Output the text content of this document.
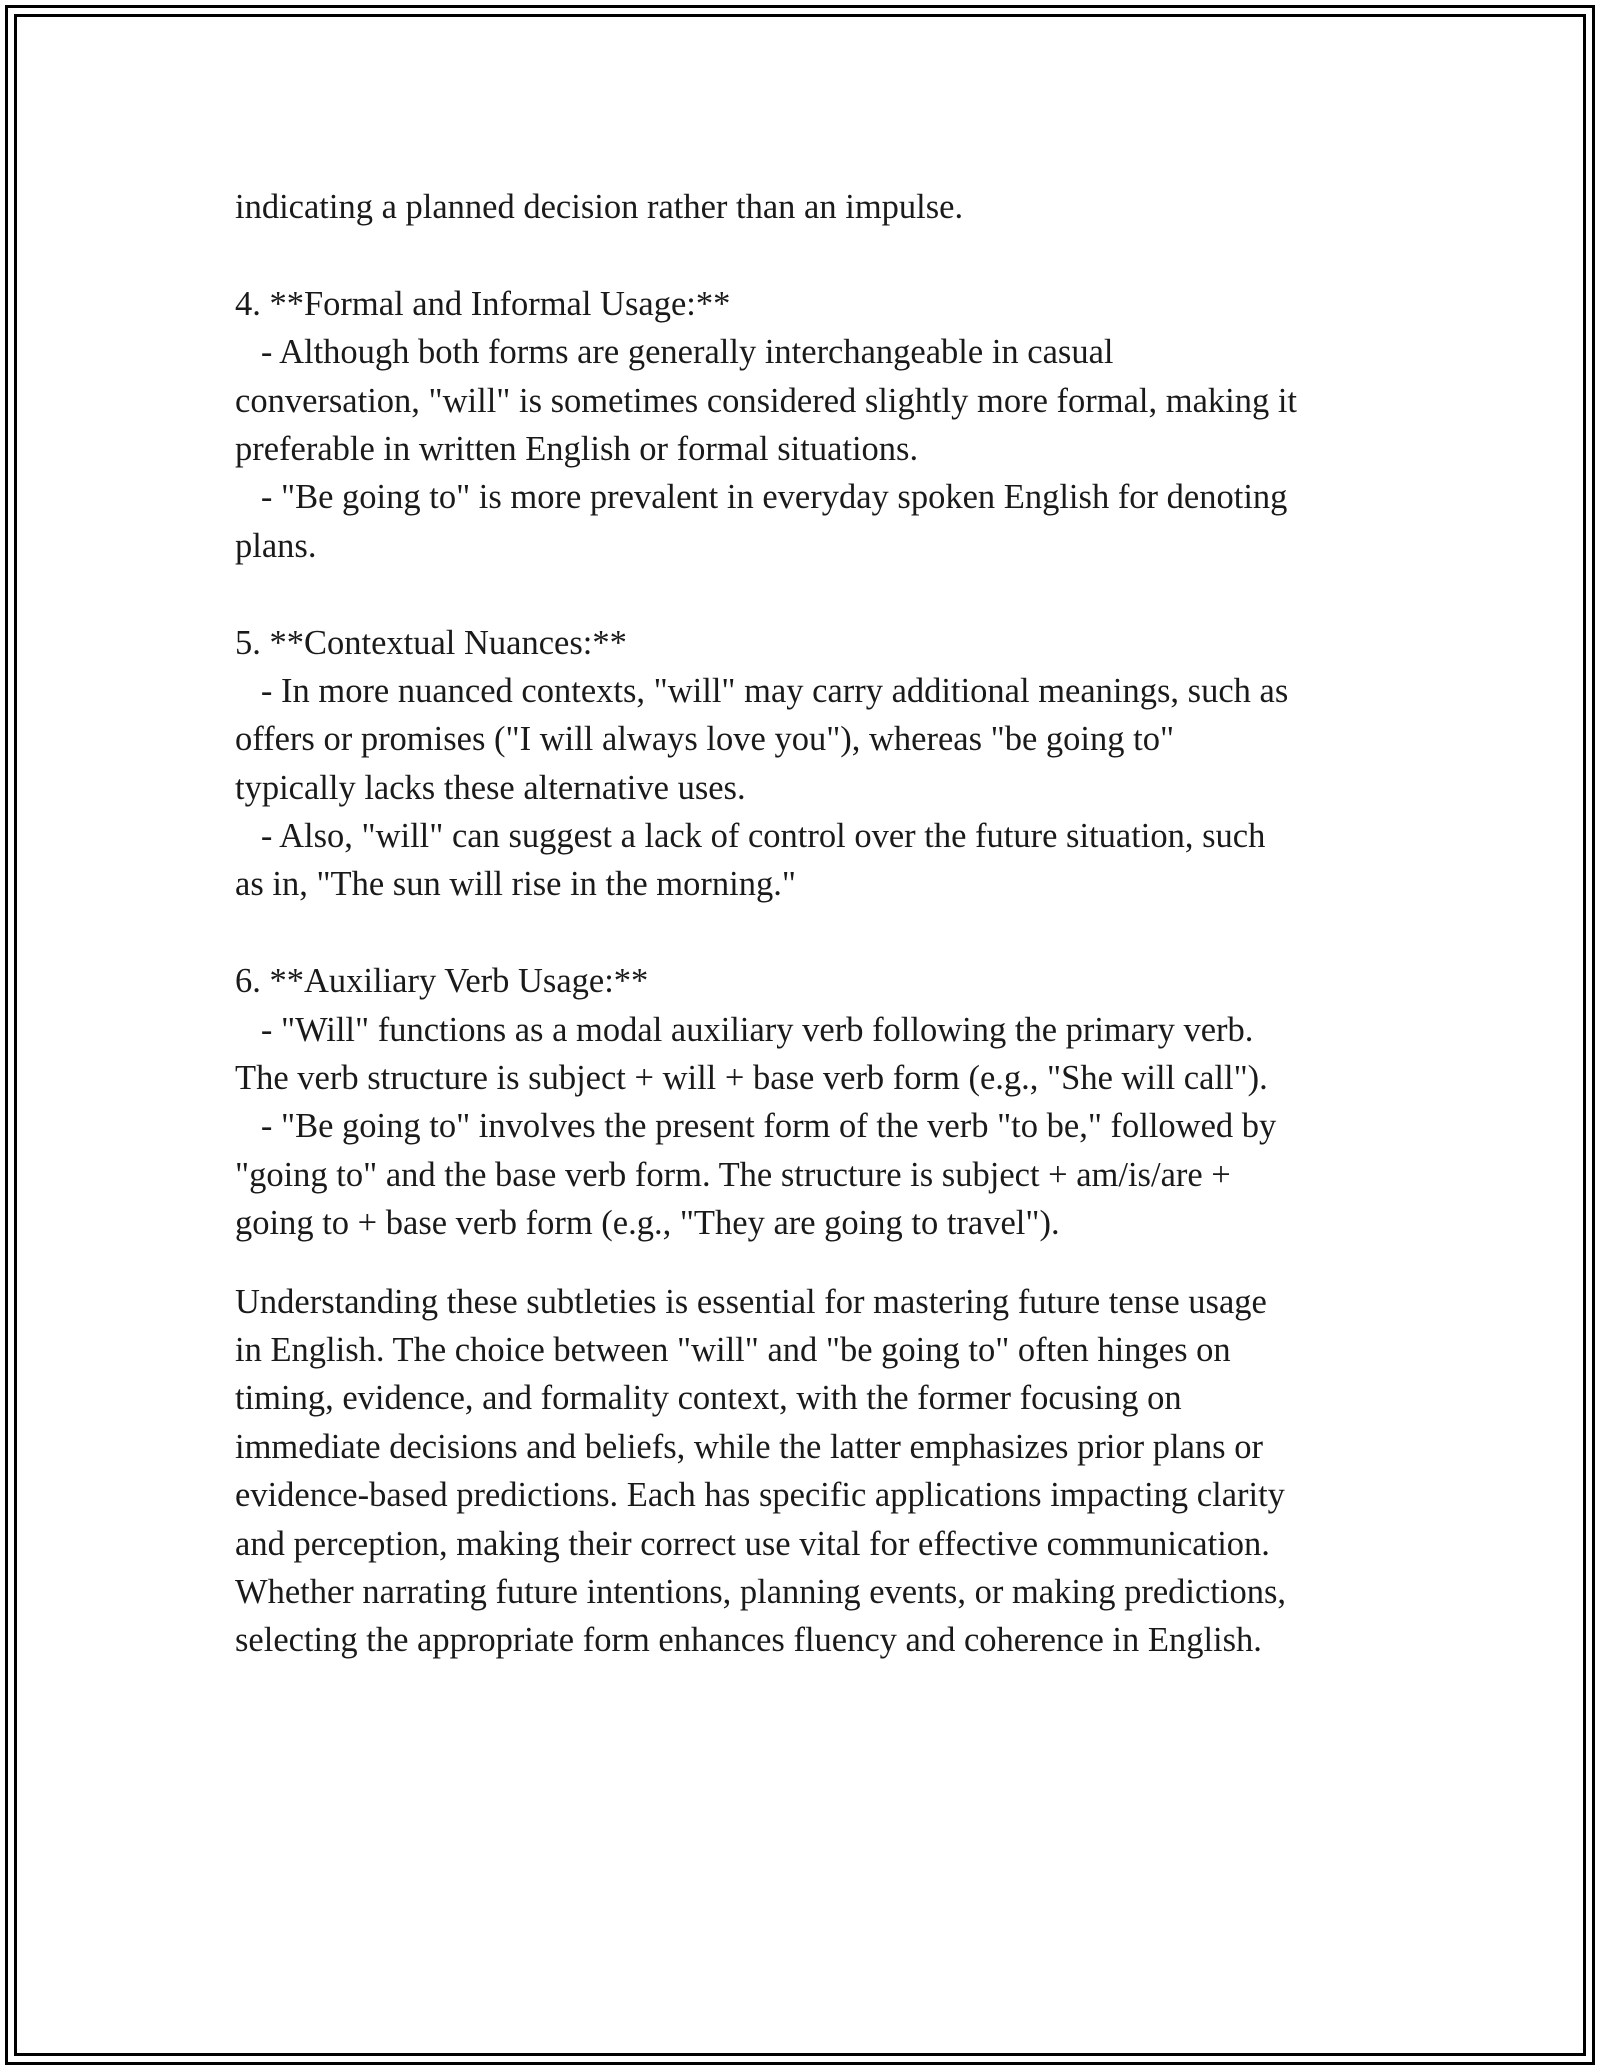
indicating a planned decision rather than an impulse.
4. **Formal and Informal Usage:**
- Although both forms are generally interchangeable in casual
conversation, "will" is sometimes considered slightly more formal, making it
preferable in written English or formal situations.
- "Be going to" is more prevalent in everyday spoken English for denoting
plans.
5. **Contextual Nuances:**
- In more nuanced contexts, "will" may carry additional meanings, such as
offers or promises ("I will always love you"), whereas "be going to"
typically lacks these alternative uses.
- Also, "will" can suggest a lack of control over the future situation, such
as in, "The sun will rise in the morning."
6. **Auxiliary Verb Usage:**
- "Will" functions as a modal auxiliary verb following the primary verb.
The verb structure is subject + will + base verb form (e.g., "She will call").
- "Be going to" involves the present form of the verb "to be," followed by
"going to" and the base verb form. The structure is subject + am/is/are +
going to + base verb form (e.g., "They are going to travel").
Understanding these subtleties is essential for mastering future tense usage
in English. The choice between "will" and "be going to" often hinges on
timing, evidence, and formality context, with the former focusing on
immediate decisions and beliefs, while the latter emphasizes prior plans or
evidence-based predictions. Each has specific applications impacting clarity
and perception, making their correct use vital for effective communication.
Whether narrating future intentions, planning events, or making predictions,
selecting the appropriate form enhances fluency and coherence in English.
